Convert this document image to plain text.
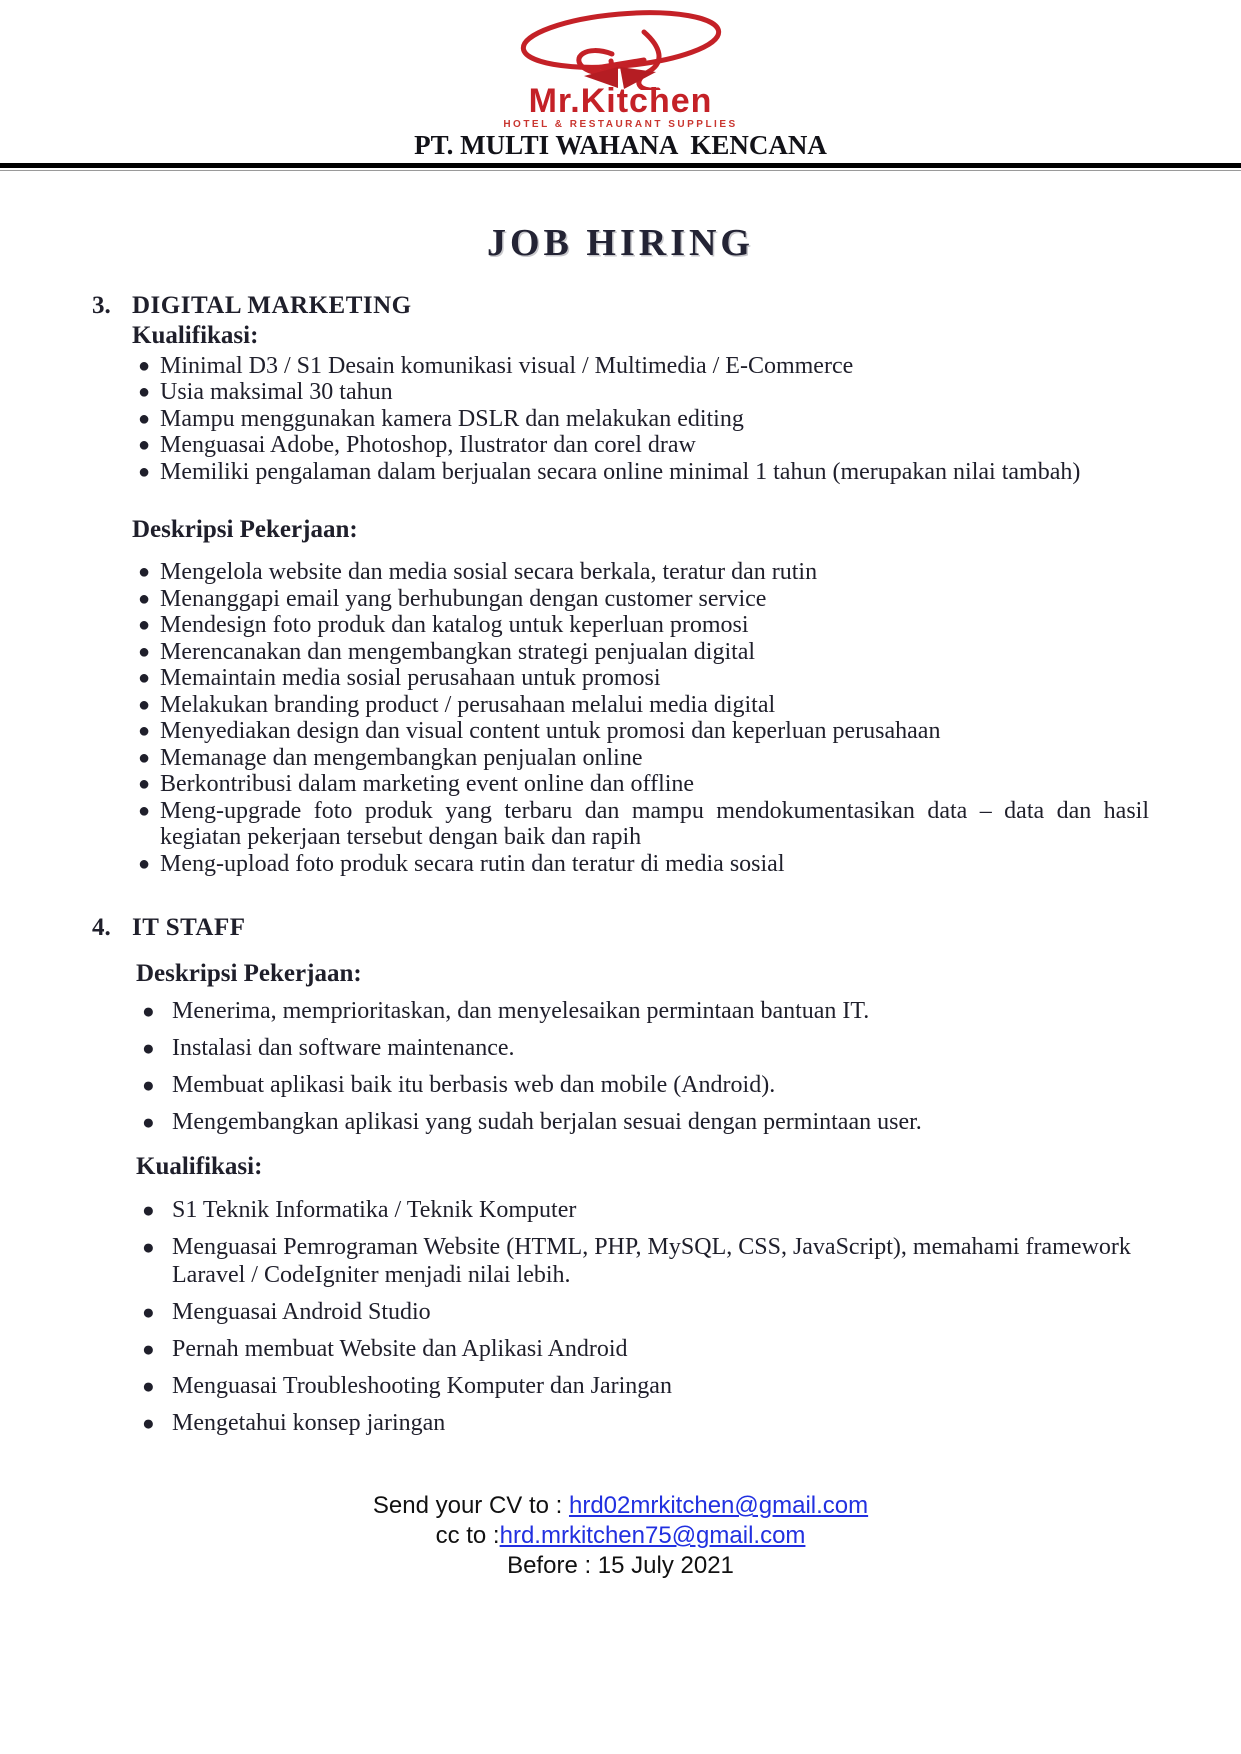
Mr.Kitchen
HOTEL & RESTAURANT SUPPLIES
PT. MULTI WAHANA  KENCANA
JOB HIRING
3. DIGITAL MARKETING
Kualifikasi:
● Minimal D3 / S1 Desain komunikasi visual / Multimedia / E-Commerce
● Usia maksimal 30 tahun
● Mampu menggunakan kamera DSLR dan melakukan editing
● Menguasai Adobe, Photoshop, Ilustrator dan corel draw
● Memiliki pengalaman dalam berjualan secara online minimal 1 tahun (merupakan nilai tambah)
Deskripsi Pekerjaan:
● Mengelola website dan media sosial secara berkala, teratur dan rutin
● Menanggapi email yang berhubungan dengan customer service
● Mendesign foto produk dan katalog untuk keperluan promosi
● Merencanakan dan mengembangkan strategi penjualan digital
● Memaintain media sosial perusahaan untuk promosi
● Melakukan branding product / perusahaan melalui media digital
● Menyediakan design dan visual content untuk promosi dan keperluan perusahaan
● Memanage dan mengembangkan penjualan online
● Berkontribusi dalam marketing event online dan offline
● Meng-upgrade foto produk yang terbaru dan mampu mendokumentasikan data – data dan hasil kegiatan pekerjaan tersebut dengan baik dan rapih
● Meng-upload foto produk secara rutin dan teratur di media sosial
4. IT STAFF
Deskripsi Pekerjaan:
● Menerima, memprioritaskan, dan menyelesaikan permintaan bantuan IT.
● Instalasi dan software maintenance.
● Membuat aplikasi baik itu berbasis web dan mobile (Android).
● Mengembangkan aplikasi yang sudah berjalan sesuai dengan permintaan user.
Kualifikasi:
● S1 Teknik Informatika / Teknik Komputer
● Menguasai Pemrograman Website (HTML, PHP, MySQL, CSS, JavaScript), memahami framework Laravel / CodeIgniter menjadi nilai lebih.
● Menguasai Android Studio
● Pernah membuat Website dan Aplikasi Android
● Menguasai Troubleshooting Komputer dan Jaringan
● Mengetahui konsep jaringan
Send your CV to : hrd02mrkitchen@gmail.com
cc to :hrd.mrkitchen75@gmail.com
Before : 15 July 2021
